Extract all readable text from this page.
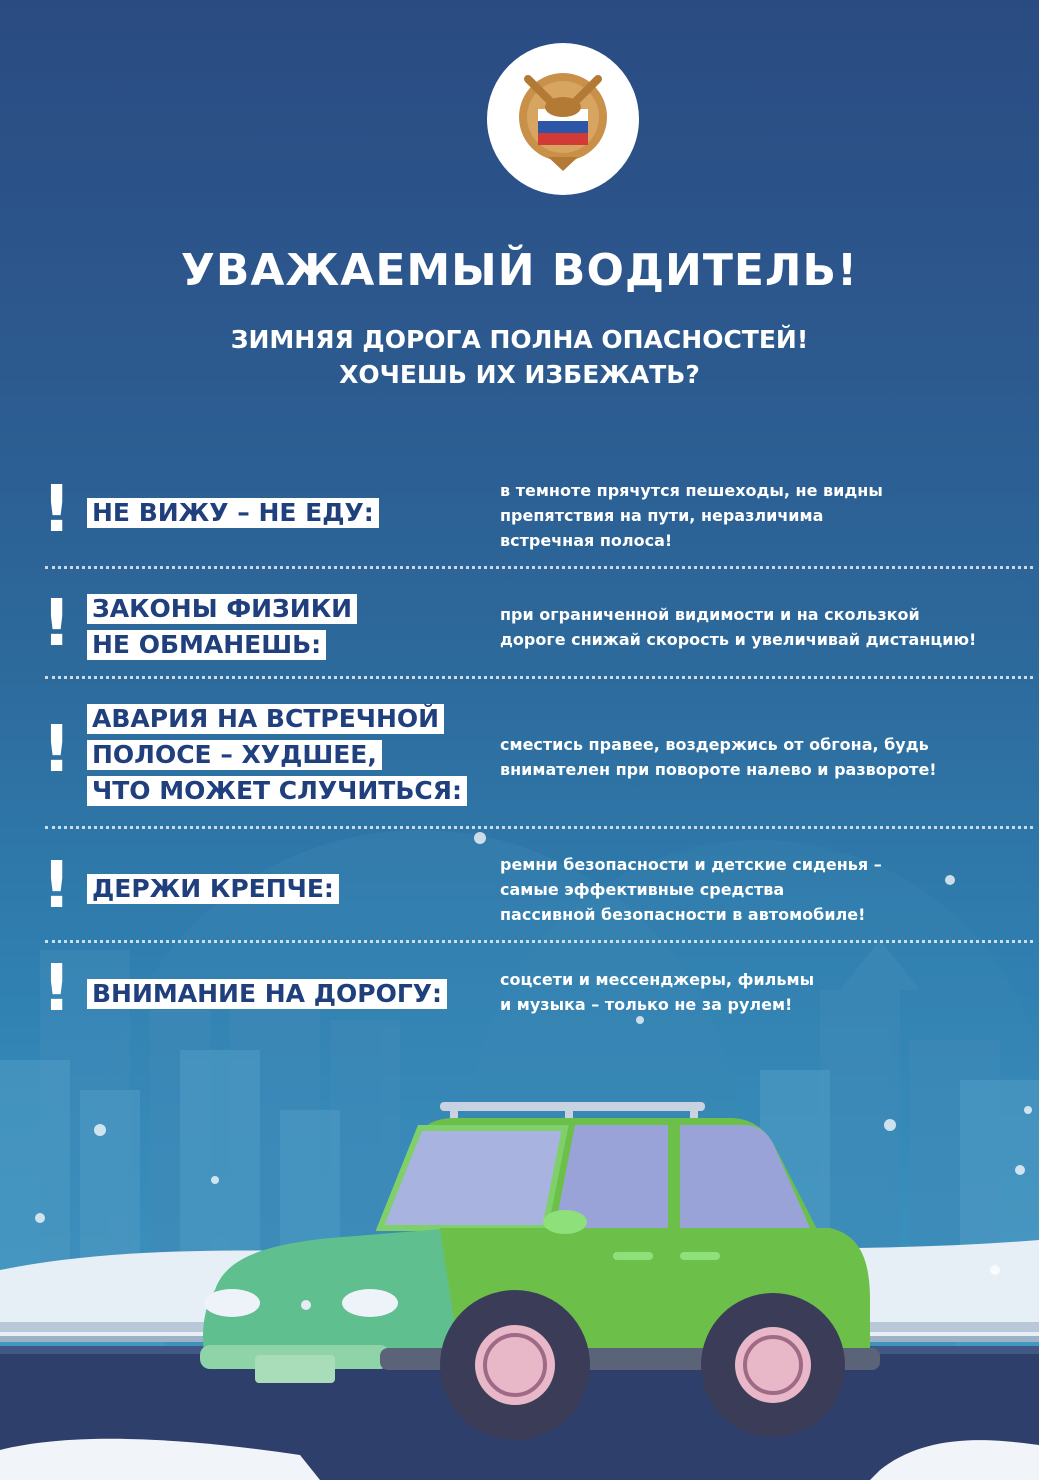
УВАЖАЕМЫЙ ВОДИТЕЛЬ!
ЗИМНЯЯ ДОРОГА ПОЛНА ОПАСНОСТЕЙ!
ХОЧЕШЬ ИХ ИЗБЕЖАТЬ?
! НЕ ВИЖУ – НЕ ЕДУ:
в темноте прячутся пешеходы, не видны
препятствия на пути, неразличима
встречная полоса!
! ЗАКОНЫ ФИЗИКИ
НЕ ОБМАНЕШЬ:
при ограниченной видимости и на скользкой
дороге снижай скорость и увеличивай дистанцию!
! АВАРИЯ НА ВСТРЕЧНОЙ
ПОЛОСЕ – ХУДШЕЕ,
ЧТО МОЖЕТ СЛУЧИТЬСЯ:
сместись правее, воздержись от обгона, будь
внимателен при повороте налево и развороте!
! ДЕРЖИ КРЕПЧЕ:
ремни безопасности и детские сиденья –
самые эффективные средства
пассивной безопасности в автомобиле!
! ВНИМАНИЕ НА ДОРОГУ:	соцсети и мессенджеры, фильмы
и музыка – только не за рулем!
